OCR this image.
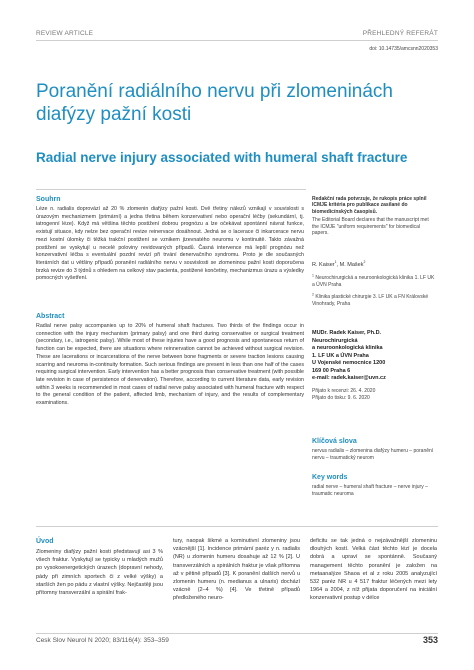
REVIEW ARTICLE	PŘEHLEDNÝ REFERÁT
doi: 10.14735/amcsnn2020353
Poranění radiálního nervu při zlomeninách diafýzy pažní kosti
Radial nerve injury associated with humeral shaft fracture
Souhrn

Léze n. radialis doprovází až 20 % zlomenin diafýzy pažní kosti. Dvě třetiny nálezů vznikají v souvislosti s úrazovým mechanizmem (primární) a jedna třetina během konzervativní nebo operační léčby (sekundární, tj. iatrogenní léze). Když má většina těchto postižení dobrou prognózu a lze očekávat spontánní návrat funkce, existují situace, kdy nelze bez operační revize reinervace dosáhnout. Jedná se o lacerace či inkarcerace nervu mezi kostní úlomky či těžká trakční postižení se vznikem jizevnatého neuromu v kontinuitě. Takto závažná postižení se vyskytují u necelé poloviny revidovaných případů. Časná intervence má lepší prognózu než konzervativní léčba s eventuální pozdní revizí při trvání denervačního syndromu. Proto je dle současných literárních dat u většiny případů poranění radiálního nervu v souvislosti se zlomeninou pažní kosti doporučena brzká revize do 3 týdnů s ohledem na celkový stav pacienta, postižené končetiny, mechanizmus úrazu a výsledky pomocných vyšetření.

Abstract

Radial nerve palsy accompanies up to 20% of humeral shaft fractures. Two thirds of the findings occur in connection with the injury mechanism (primary palsy) and one third during conservative or surgical treatment (secondary, i.e., iatrogenic palsy). While most of these injuries have a good prognosis and spontaneous return of function can be expected, there are situations where reinnervation cannot be achieved without surgical revision. These are lacerations or incarcerations of the nerve between bone fragments or severe traction lesions causing scarring and neuroma in-continuity formation. Such serious findings are present in less than one half of the cases requiring surgical intervention. Early intervention has a better prognosis than conservative treatment (with possible late revision in case of persistence of denervation). Therefore, according to current literature data, early revision within 3 weeks is recommended in most cases of radial nerve palsy associated with humeral fracture with respect to the general condition of the patient, affected limb, mechanism of injury, and the results of complementary examinations.

Redakční rada potvrzuje, že rukopis práce splnil ICMJE kritéria pro publikace zasílané do biomedicínských časopisů.
The Editorial Board declares that the manuscript met the ICMJE "uniform requirements" for biomedical papers.
R. Kaiser$^1$, M. Mašek$^2$
$^1$ Neurochirurgická a neuroonkologická klinika 1. LF UK a ÚVN Praha
$^2$ Klinika plastické chirurgie 3. LF UK a FN Královské Vinohrady, Praha
MUDr. Radek Kaiser, Ph.D.
Neurochirurgická
a neuroonkologická klinika
1. LF UK a ÚVN Praha
U Vojenské nemocnice 1200
169 00 Praha 6
e-mail: radek.kaiser@uvn.cz
Přijato k recenzi: 26. 4. 2020
Přijato do tisku: 9. 6. 2020
Klíčová slova
nervus radialis – zlomenina diafýzy humeru – poranění nervu – traumatický neurom
Key words
radial nerve – humeral shaft fracture – nerve injury – traumatic neuroma
Úvod

Zlomeniny diafýzy pažní kosti představují asi 3 % všech fraktur. Vyskytují se typicky u mladých mužů po vysokoenergetických úrazech (dopravní nehody, pády při zimních sportech či z velké výšky) a starších žen po pádu z vlastní výšky. Nejčastěji jsou přítomny transverzální a spirální frak-

tury, naopak šikmé a kominutivní zlomeniny jsou vzácnější [1]. Incidence primární paréz y n. radialis (NR) u zlomenin humeru dosahuje až 12 % [2]. U transverzálních a spirálních fraktur je však přítomna až v pětině případů [3]. K poranění dalších nervů u zlomenin humeru (n. medianus a ulnaris) dochází vzácně (2–4 %) [4]. Ve třetině případů předloženého neuro-

deficitu se tak jedná o nejzávažnější zlomeninu dlouhých kostí. Velká část těchto lézí je docela dobrá a upraví se spontánně. Současný management těchto poranění je založen na metaanalýze Shaoa et al z roku 2005 analyzující 532 paréz NR u 4 517 fraktur léčených mezi lety 1964 a 2004, z níž přijata doporučení na iniciální konzervativní postup v délce

Cesk Slov Neurol N 2020; 83/116(4): 353–359	353
